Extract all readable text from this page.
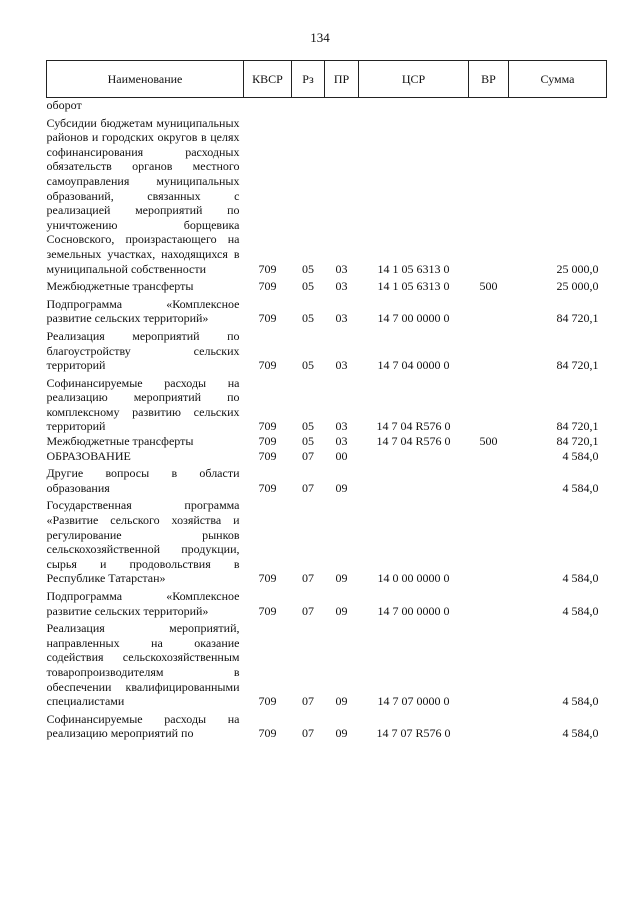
134
Наименование	КВСР	Рз	ПР	ЦСР	ВР	Сумма
оборот						
Субсидии бюджетам муниципальных районов и городских округов в целях софинансирования расходных обязательств органов местного самоуправления муниципальных образований, связанных с реализацией мероприятий по уничтожению борщевика Сосновского, произрастающего на земельных участках, находящихся в муниципальной собственности	709	05	03	14 1 05 6313 0		25 000,0
Межбюджетные трансферты	709	05	03	14 1 05 6313 0	500	25 000,0
Подпрограмма «Комплексное развитие сельских территорий»	709	05	03	14 7 00 0000 0		84 720,1
Реализация мероприятий по благоустройству сельских территорий	709	05	03	14 7 04 0000 0		84 720,1
Софинансируемые расходы на реализацию мероприятий по комплексному развитию сельских территорий	709	05	03	14 7 04 R576 0		84 720,1
Межбюджетные трансферты	709	05	03	14 7 04 R576 0	500	84 720,1
ОБРАЗОВАНИЕ	709	07	00			4 584,0
Другие вопросы в области образования	709	07	09			4 584,0
Государственная программа «Развитие сельского хозяйства и регулирование рынков сельскохозяйственной продукции, сырья и продовольствия в Республике Татарстан»	709	07	09	14 0 00 0000 0		4 584,0
Подпрограмма «Комплексное развитие сельских территорий»	709	07	09	14 7 00 0000 0		4 584,0
Реализация мероприятий, направленных на оказание содействия сельскохозяйственным товаропроизводителям в обеспечении квалифицированными специалистами	709	07	09	14 7 07 0000 0		4 584,0
Софинансируемые расходы на реализацию мероприятий по	709	07	09	14 7 07 R576 0		4 584,0
